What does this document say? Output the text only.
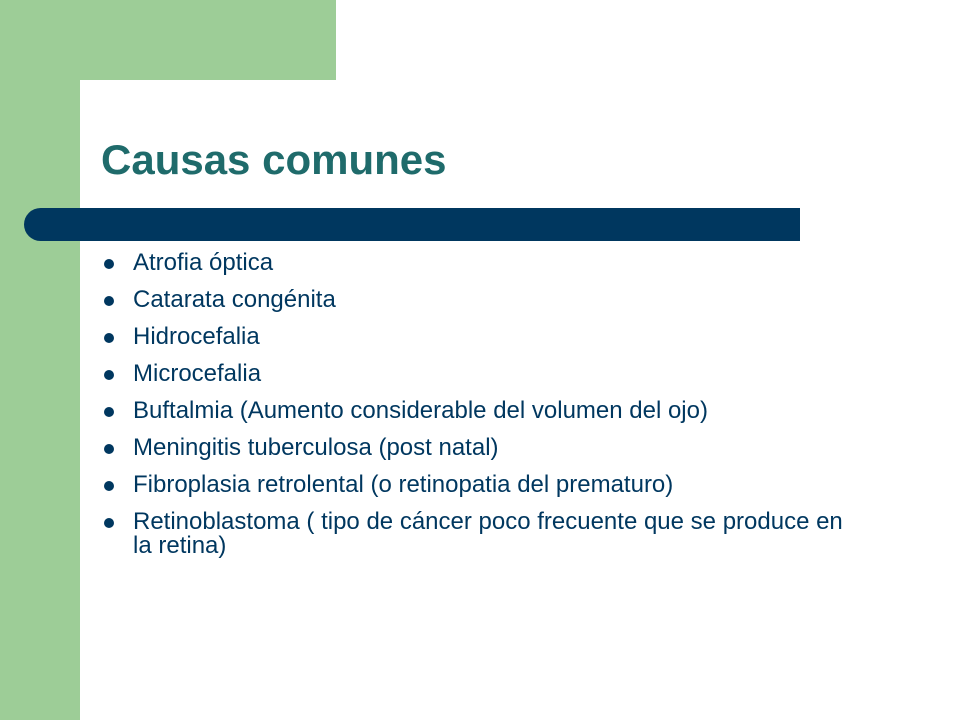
Causas comunes
Atrofia óptica
Catarata congénita
Hidrocefalia
Microcefalia
Buftalmia (Aumento considerable del volumen del ojo)
Meningitis tuberculosa (post natal)
Fibroplasia retrolental (o retinopatia del prematuro)
Retinoblastoma ( tipo de cáncer poco frecuente que se produce en la retina)
